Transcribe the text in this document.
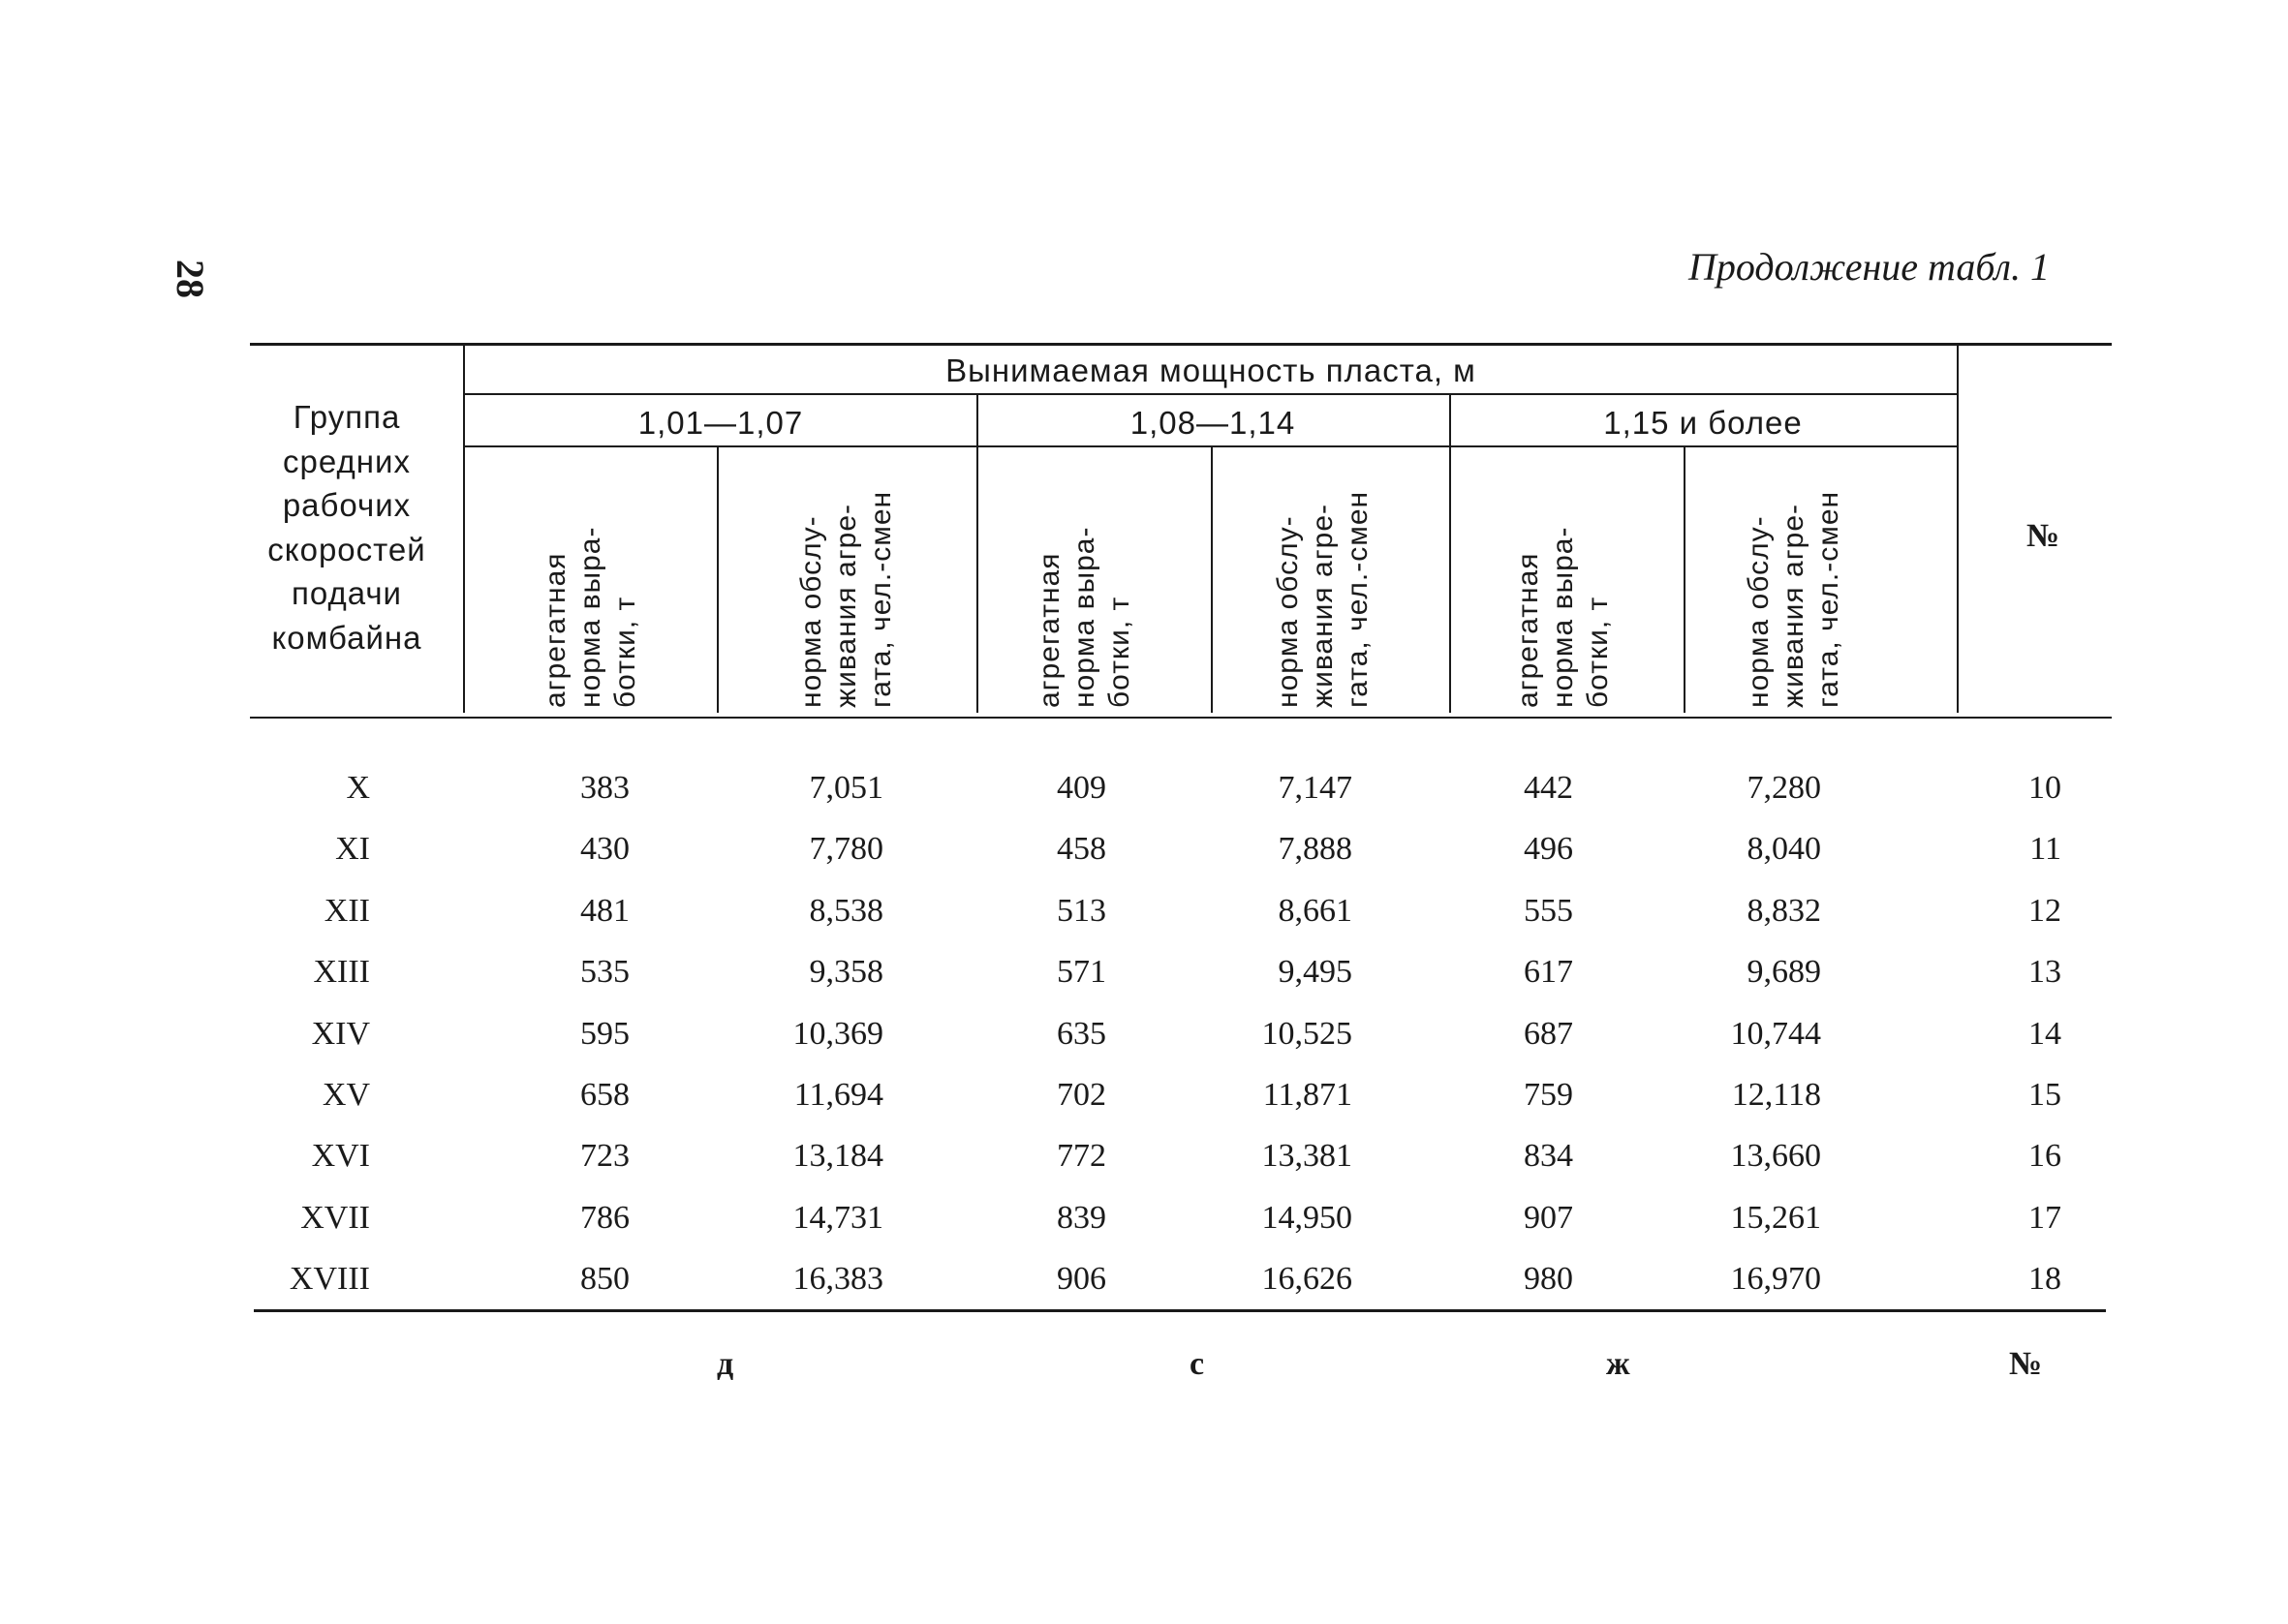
28	Продолжение табл. 1
Группа
средних
рабочих
скоростей
подачи
комбайна
Вынимаемая мощность пласта, м
1,01—1,07	1,08—1,14	1,15 и более
агрегатная норма выра- ботки, т	норма обслу- живания агре- гата, чел.-смен	агрегатная норма выра- ботки, т	норма обслу- живания агре- гата, чел.-смен	агрегатная норма выра- ботки, т	норма обслу- живания агре- гата, чел.-смен	№
X	383	7,051	409	7,147	442	7,280	10
XI	430	7,780	458	7,888	496	8,040	11
XII	481	8,538	513	8,661	555	8,832	12
XIII	535	9,358	571	9,495	617	9,689	13
XIV	595	10,369	635	10,525	687	10,744	14
XV	658	11,694	702	11,871	759	12,118	15
XVI	723	13,184	772	13,381	834	13,660	16
XVII	786	14,731	839	14,950	907	15,261	17
XVIII	850	16,383	906	16,626	980	16,970	18
д	с	ж	№
